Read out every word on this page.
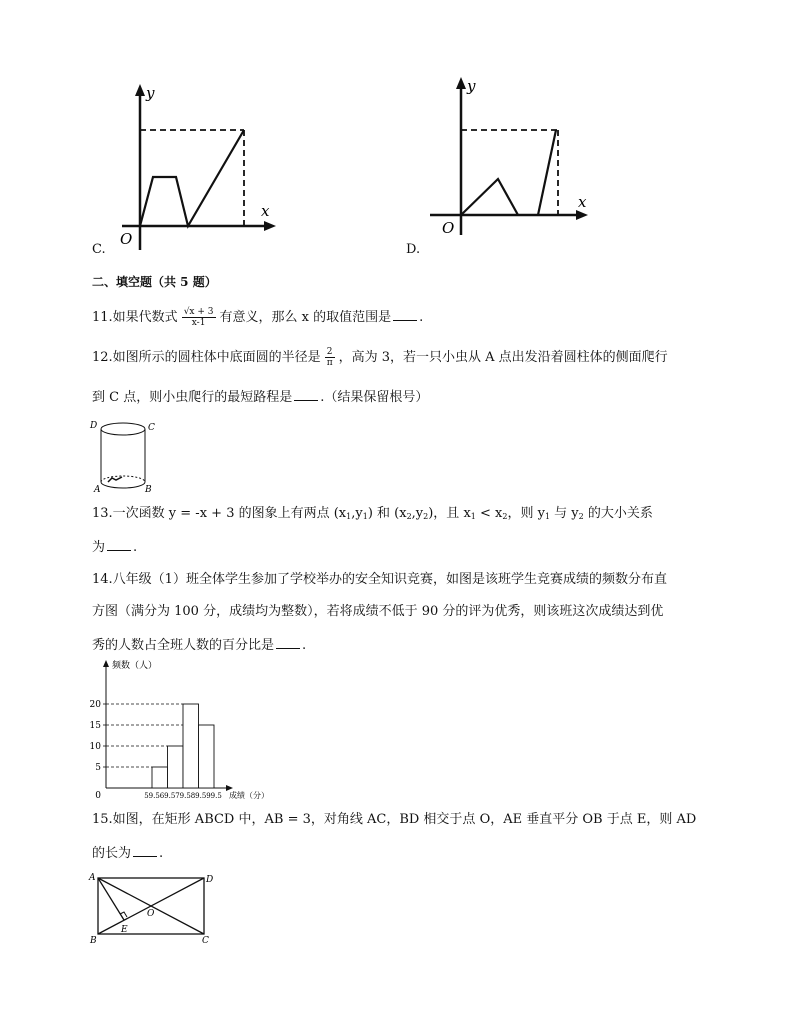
y
x
O
C.
y
x
O
D.
二、填空题（共 5 题）
11.如果代数式 $\frac{√x + 3}{x-1}$ 有意义，那么 x 的取值范围是 .
12.如图所示的圆柱体中底面圆的半径是 $\frac{2}{\pi}$ ，高为 3，若一只小虫从 A 点出发沿着圆柱体的侧面爬行
到 C 点，则小虫爬行的最短路程是 .（结果保留根号）
D	C
A	B
13.一次函数 y = -x + 3 的图象上有两点 $(x_1,y_1)$ 和 $(x_2,y_2)$，且 $x_1 < x_2$，则 $y_1$ 与 $y_2$ 的大小关系
为 .
14.八年级（1）班全体学生参加了学校举办的安全知识竞赛，如图是该班学生竞赛成绩的频数分布直
方图（满分为 100 分，成绩均为整数），若将成绩不低于 90 分的评为优秀，则该班这次成绩达到优
秀的人数占全班人数的百分比是 .
频数（人）
成绩（分）
5
10
15
20
59.5 69.5 79.5 89.5 99.5
0
15.如图，在矩形 ABCD 中，AB = 3，对角线 AC，BD 相交于点 O，AE 垂直平分 OB 于点 E，则 AD
的长为 .
A	D
B	C
O
E
